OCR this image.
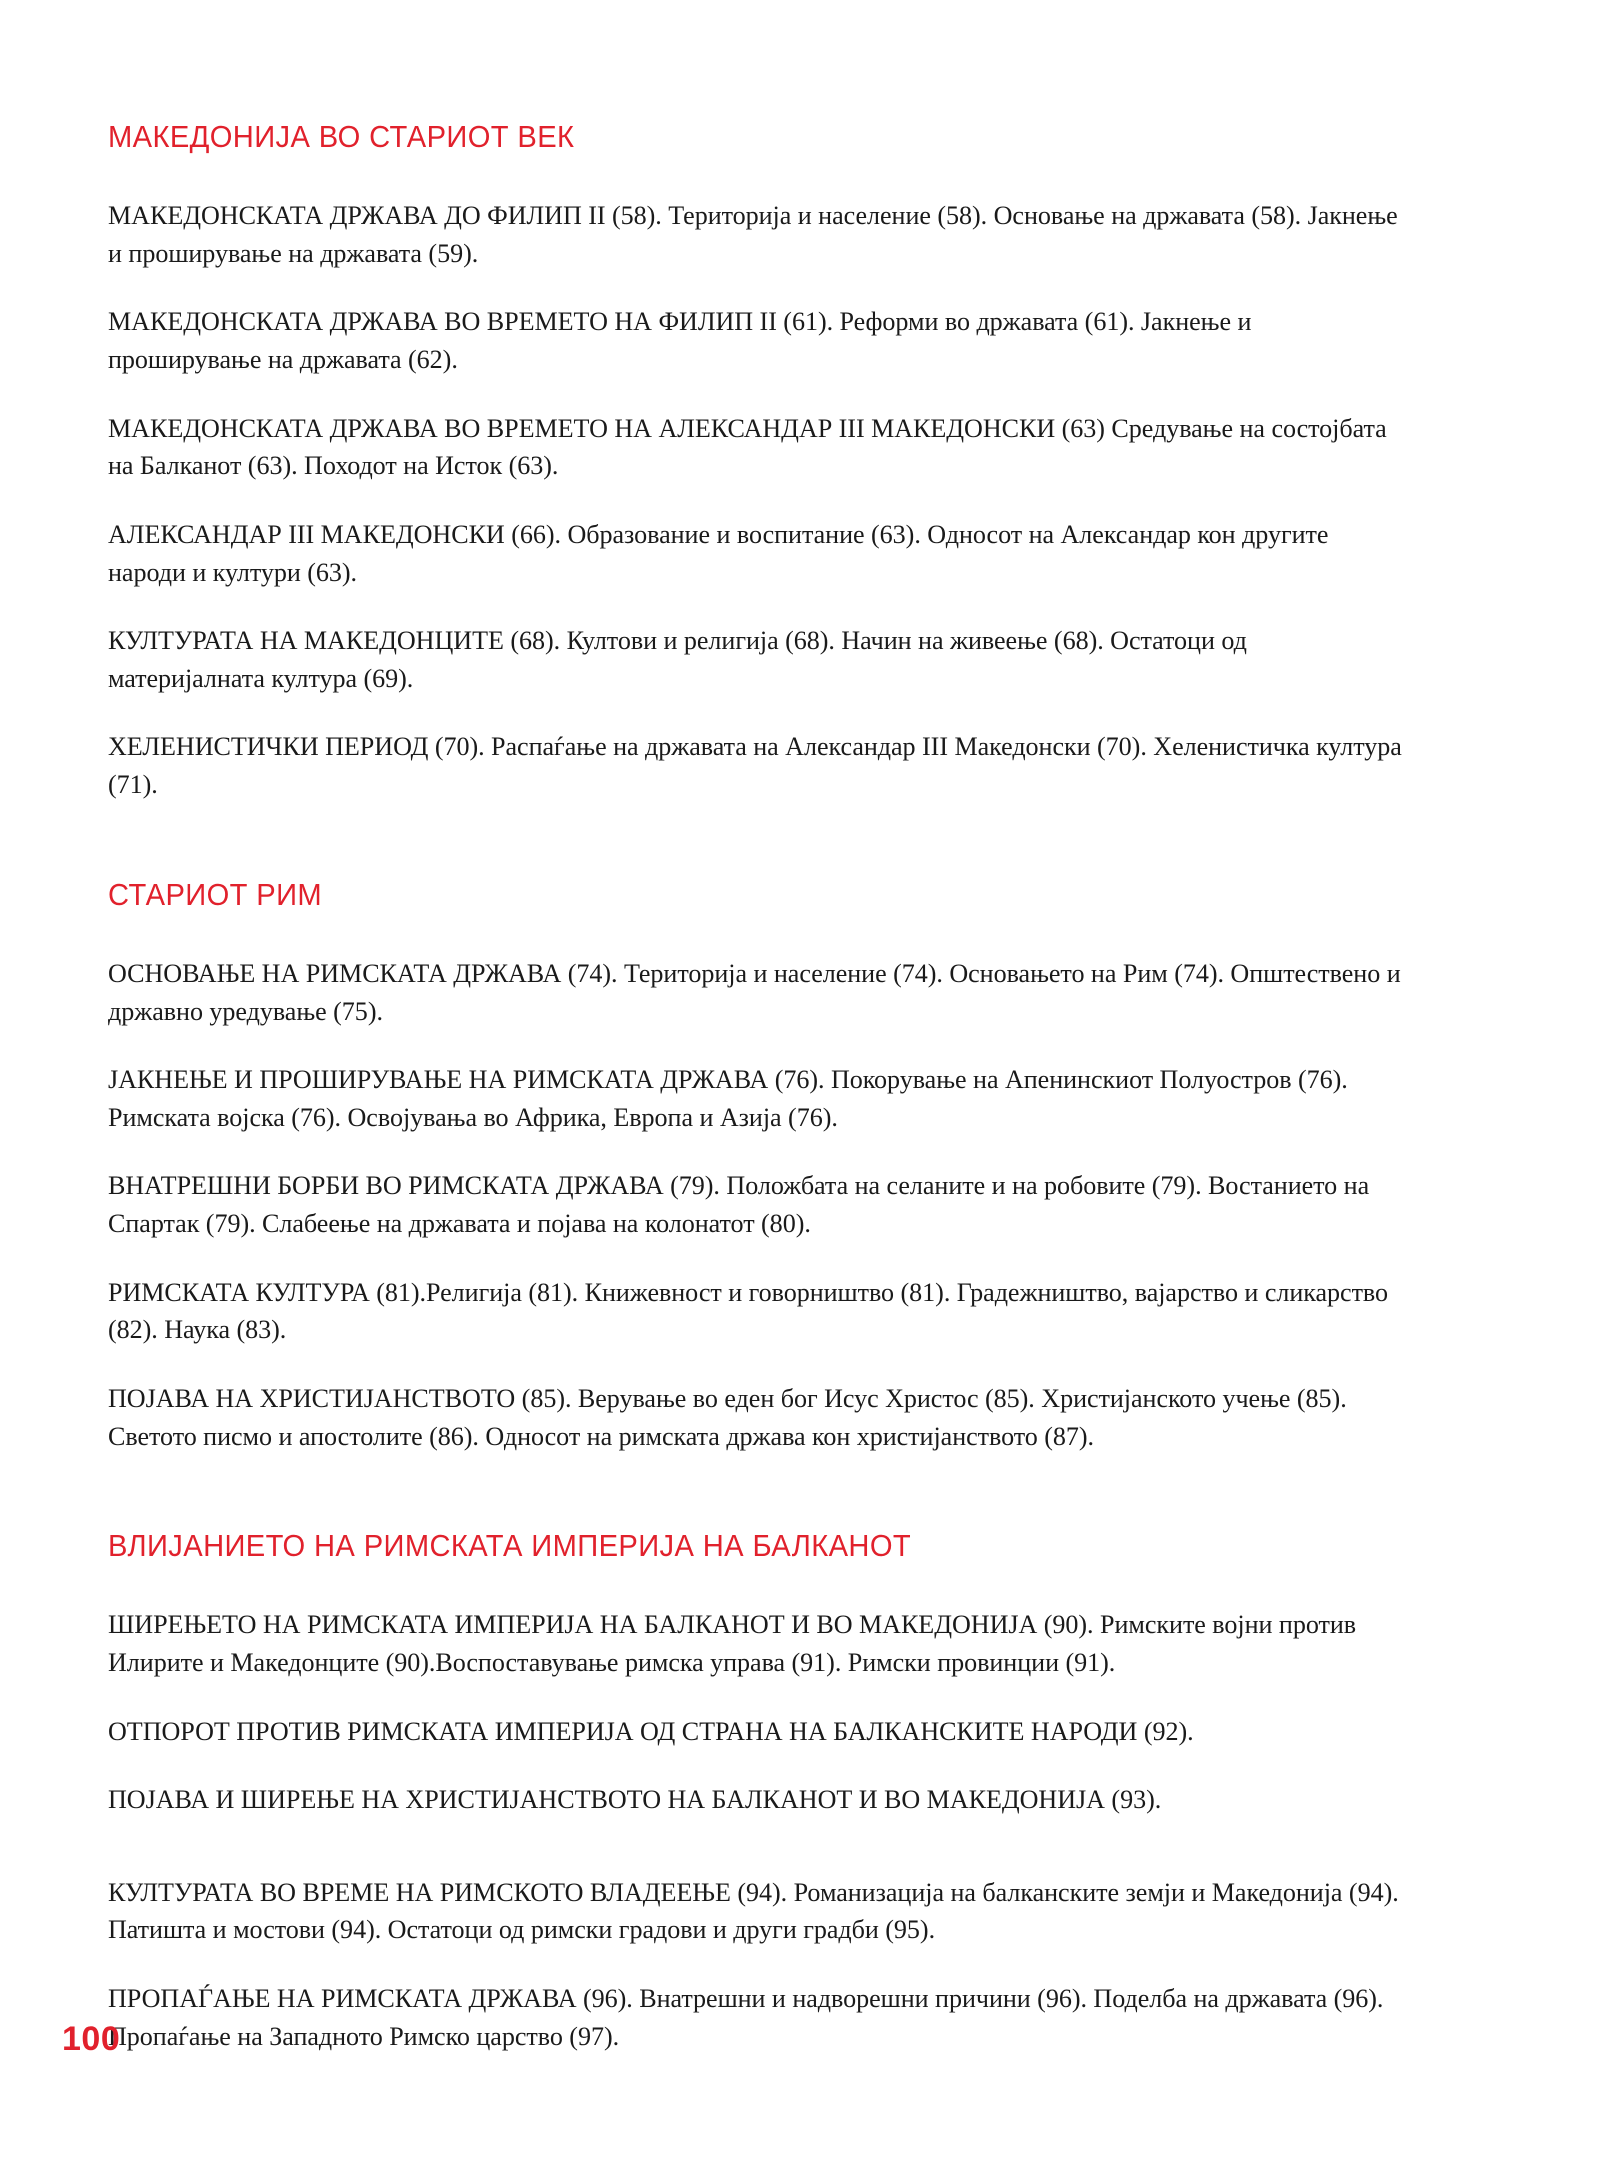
МАКЕДОНИЈА ВО СТАРИОТ ВЕК

МАКЕДОНСКАТА ДРЖАВА ДО ФИЛИП II (58). Територија и население (58). Основање на државата (58). Јакнење и проширување на државата (59).

МАКЕДОНСКАТА ДРЖАВА ВО ВРЕМЕТО НА ФИЛИП II (61). Реформи во државата (61). Јакнење и проширување на државата (62).

МАКЕДОНСКАТА ДРЖАВА ВО ВРЕМЕТО НА АЛЕКСАНДАР III МАКЕДОНСКИ (63) Средување на состојбата на Балканот (63). Походот на Исток (63).

АЛЕКСАНДАР III МАКЕДОНСКИ (66). Образование и воспитание (63). Односот на Александар кон другите народи и култури (63).

КУЛТУРАТА НА МАКЕДОНЦИТЕ (68). Култови и религија (68). Начин на живеење (68). Остатоци од материјалната култура (69).

ХЕЛЕНИСТИЧКИ ПЕРИОД (70). Распаѓање на државата на Александар III Македонски (70). Хеленистичка култура (71).

СТАРИОТ РИМ

ОСНОВАЊЕ НА РИМСКАТА ДРЖАВА (74). Територија и население (74). Основањето на Рим (74). Општествено и државно уредување (75).

ЈАКНЕЊЕ И ПРОШИРУВАЊЕ НА РИМСКАТА ДРЖАВА (76). Покорување на Апенинскиот Полуостров (76). Римската војска (76). Освојувања во Африка, Европа и Азија (76).

ВНАТРЕШНИ БОРБИ ВО РИМСКАТА ДРЖАВА (79). Положбата на селаните и на робовите (79). Востанието на Спартак (79). Слабеење на државата и појава на колонатот (80).

РИМСКАТА КУЛТУРА (81).Религија (81). Книжевност и говорништво (81). Градежништво, вајарство и сликарство (82). Наука (83).

ПОЈАВА НА ХРИСТИЈАНСТВОТО (85). Верување во еден бог Исус Христос (85). Христијанското учење (85). Светото писмо и апостолите (86). Односот на римската држава кон христијанството (87).

ВЛИЈАНИЕТО НА РИМСКАТА ИМПЕРИЈА НА БАЛКАНОТ

ШИРЕЊЕТО НА РИМСКАТА ИМПЕРИЈА НА БАЛКАНОТ И ВО МАКЕДОНИЈА (90). Римските војни против Илирите и Македонците (90).Воспоставување римска управа (91). Римски провинции (91).

ОТПОРОТ ПРОТИВ РИМСКАТА ИМПЕРИЈА ОД СТРАНА НА БАЛКАНСКИТЕ НАРОДИ (92).

ПОЈАВА И ШИРЕЊЕ НА ХРИСТИЈАНСТВОТО НА БАЛКАНОТ И ВО МАКЕДОНИЈА (93).

КУЛТУРАТА ВО ВРЕМЕ НА РИМСКОТО ВЛАДЕЕЊЕ (94). Романизација на балканските земји и Македонија (94). Патишта и мостови (94). Остатоци од римски градови и други градби (95).

ПРОПАЃАЊЕ НА РИМСКАТА ДРЖАВА (96). Внатрешни и надворешни причини (96). Поделба на државата (96). Пропаѓање на Западното Римско царство (97).

100
